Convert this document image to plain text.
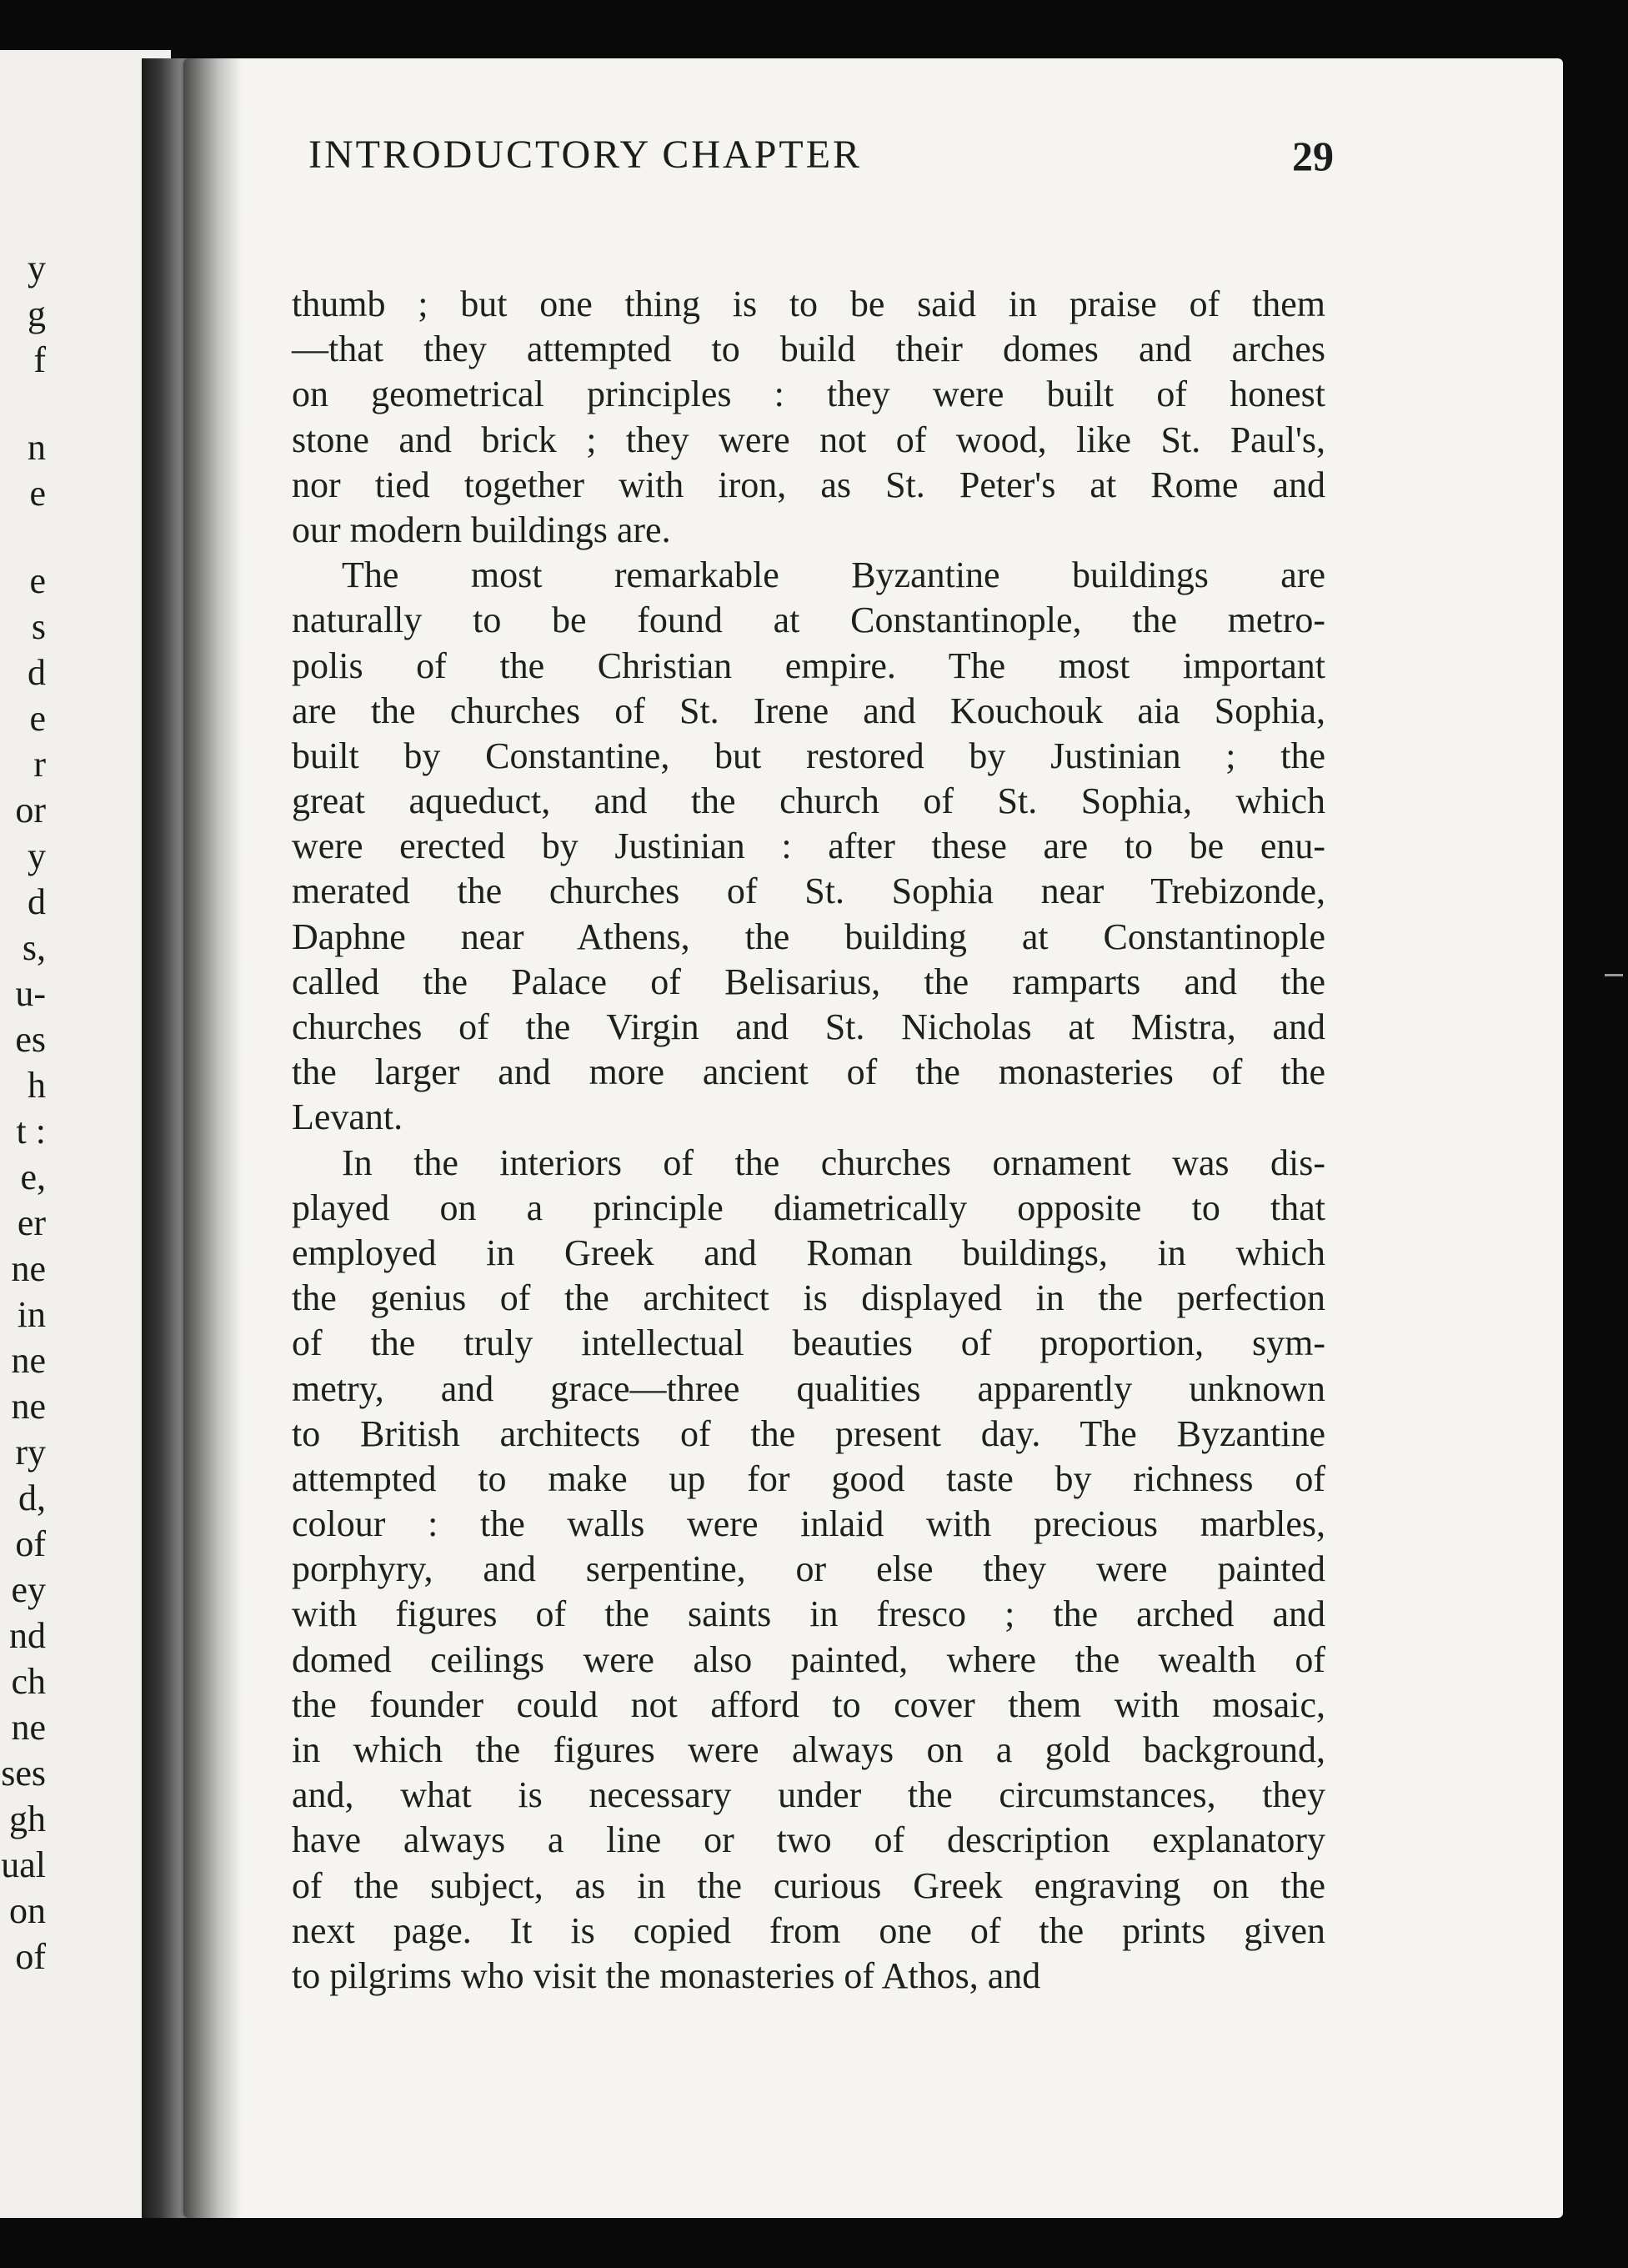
y
g
f
n
e
e
s
d
e
r
or
y
d
s,
u-
es
h
t :
e,
er
ne
in
ne
ne
ry
d,
of
ey
nd
ch
ne
ses
gh
ual
on
of
INTRODUCTORY CHAPTER	29
thumb ; but one thing is to be said in praise of them
—that they attempted to build their domes and arches
on geometrical principles : they were built of honest
stone and brick ; they were not of wood, like St. Paul's,
nor tied together with iron, as St. Peter's at Rome and
our modern buildings are.
The most remarkable Byzantine buildings are
naturally to be found at Constantinople, the metro-
polis of the Christian empire. The most important
are the churches of St. Irene and Kouchouk aia Sophia,
built by Constantine, but restored by Justinian ; the
great aqueduct, and the church of St. Sophia, which
were erected by Justinian : after these are to be enu-
merated the churches of St. Sophia near Trebizonde,
Daphne near Athens, the building at Constantinople
called the Palace of Belisarius, the ramparts and the
churches of the Virgin and St. Nicholas at Mistra, and
the larger and more ancient of the monasteries of the
Levant.
In the interiors of the churches ornament was dis-
played on a principle diametrically opposite to that
employed in Greek and Roman buildings, in which
the genius of the architect is displayed in the perfection
of the truly intellectual beauties of proportion, sym-
metry, and grace—three qualities apparently unknown
to British architects of the present day. The Byzantine
attempted to make up for good taste by richness of
colour : the walls were inlaid with precious marbles,
porphyry, and serpentine, or else they were painted
with figures of the saints in fresco ; the arched and
domed ceilings were also painted, where the wealth of
the founder could not afford to cover them with mosaic,
in which the figures were always on a gold background,
and, what is necessary under the circumstances, they
have always a line or two of description explanatory
of the subject, as in the curious Greek engraving on the
next page. It is copied from one of the prints given
to pilgrims who visit the monasteries of Athos, and
